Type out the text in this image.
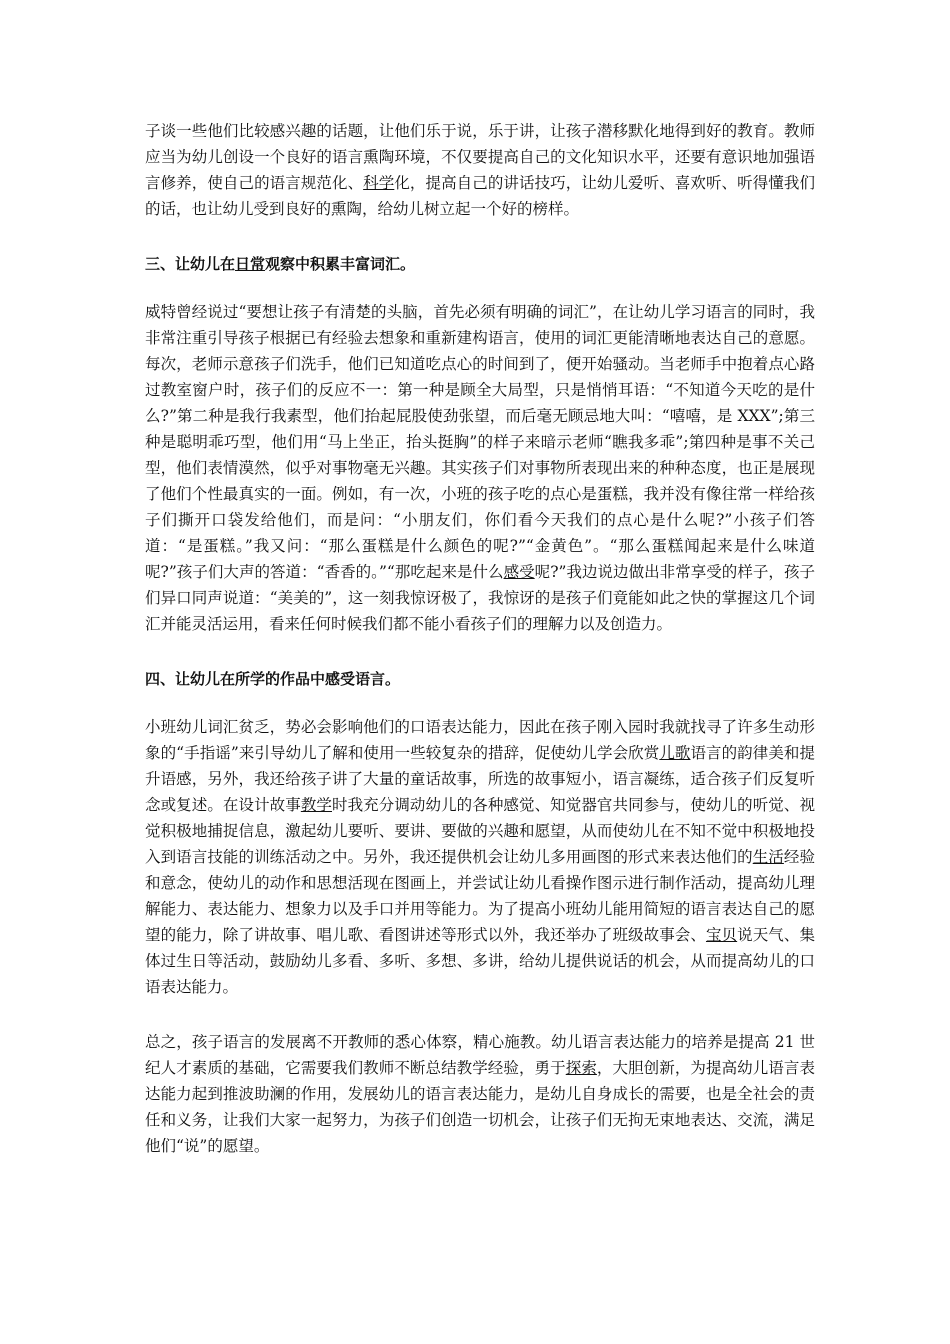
子谈一些他们比较感兴趣的话题，让他们乐于说，乐于讲，让孩子潜移默化地得到好的教育。教师应当为幼儿创设一个良好的语言熏陶环境，不仅要提高自己的文化知识水平，还要有意识地加强语言修养，使自己的语言规范化、科学化，提高自己的讲话技巧，让幼儿爱听、喜欢听、听得懂我们的话，也让幼儿受到良好的熏陶，给幼儿树立起一个好的榜样。

三、让幼儿在日常观察中积累丰富词汇。

威特曾经说过“要想让孩子有清楚的头脑，首先必须有明确的词汇”，在让幼儿学习语言的同时，我非常注重引导孩子根据已有经验去想象和重新建构语言，使用的词汇更能清晰地表达自己的意愿。每次，老师示意孩子们洗手，他们已知道吃点心的时间到了，便开始骚动。当老师手中抱着点心路过教室窗户时，孩子们的反应不一：第一种是顾全大局型，只是悄悄耳语：“不知道今天吃的是什么?”第二种是我行我素型，他们抬起屁股使劲张望，而后毫无顾忌地大叫：“嘻嘻，是 XXX”;第三种是聪明乖巧型，他们用“马上坐正，抬头挺胸”的样子来暗示老师“瞧我多乖”;第四种是事不关己型，他们表情漠然，似乎对事物毫无兴趣。其实孩子们对事物所表现出来的种种态度，也正是展现了他们个性最真实的一面。例如，有一次，小班的孩子吃的点心是蛋糕，我并没有像往常一样给孩子们撕开口袋发给他们，而是问：“小朋友们，你们看今天我们的点心是什么呢?”小孩子们答道：“是蛋糕。”我又问：“那么蛋糕是什么颜色的呢?”“金黄色”。“那么蛋糕闻起来是什么味道呢?”孩子们大声的答道：“香香的。”“那吃起来是什么感受呢?”我边说边做出非常享受的样子，孩子们异口同声说道：“美美的”，这一刻我惊讶极了，我惊讶的是孩子们竟能如此之快的掌握这几个词汇并能灵活运用，看来任何时候我们都不能小看孩子们的理解力以及创造力。

四、让幼儿在所学的作品中感受语言。

小班幼儿词汇贫乏，势必会影响他们的口语表达能力，因此在孩子刚入园时我就找寻了许多生动形象的“手指谣”来引导幼儿了解和使用一些较复杂的措辞，促使幼儿学会欣赏儿歌语言的韵律美和提升语感，另外，我还给孩子讲了大量的童话故事，所选的故事短小，语言凝练，适合孩子们反复听念或复述。在设计故事教学时我充分调动幼儿的各种感觉、知觉器官共同参与，使幼儿的听觉、视觉积极地捕捉信息，激起幼儿要听、要讲、要做的兴趣和愿望，从而使幼儿在不知不觉中积极地投入到语言技能的训练活动之中。另外，我还提供机会让幼儿多用画图的形式来表达他们的生活经验和意念，使幼儿的动作和思想活现在图画上，并尝试让幼儿看操作图示进行制作活动，提高幼儿理解能力、表达能力、想象力以及手口并用等能力。为了提高小班幼儿能用简短的语言表达自己的愿望的能力，除了讲故事、唱儿歌、看图讲述等形式以外，我还举办了班级故事会、宝贝说天气、集体过生日等活动，鼓励幼儿多看、多听、多想、多讲，给幼儿提供说话的机会，从而提高幼儿的口语表达能力。

总之，孩子语言的发展离不开教师的悉心体察，精心施教。幼儿语言表达能力的培养是提高 21 世纪人才素质的基础，它需要我们教师不断总结教学经验，勇于探索，大胆创新，为提高幼儿语言表达能力起到推波助澜的作用，发展幼儿的语言表达能力，是幼儿自身成长的需要，也是全社会的责任和义务，让我们大家一起努力，为孩子们创造一切机会，让孩子们无拘无束地表达、交流，满足他们“说”的愿望。
